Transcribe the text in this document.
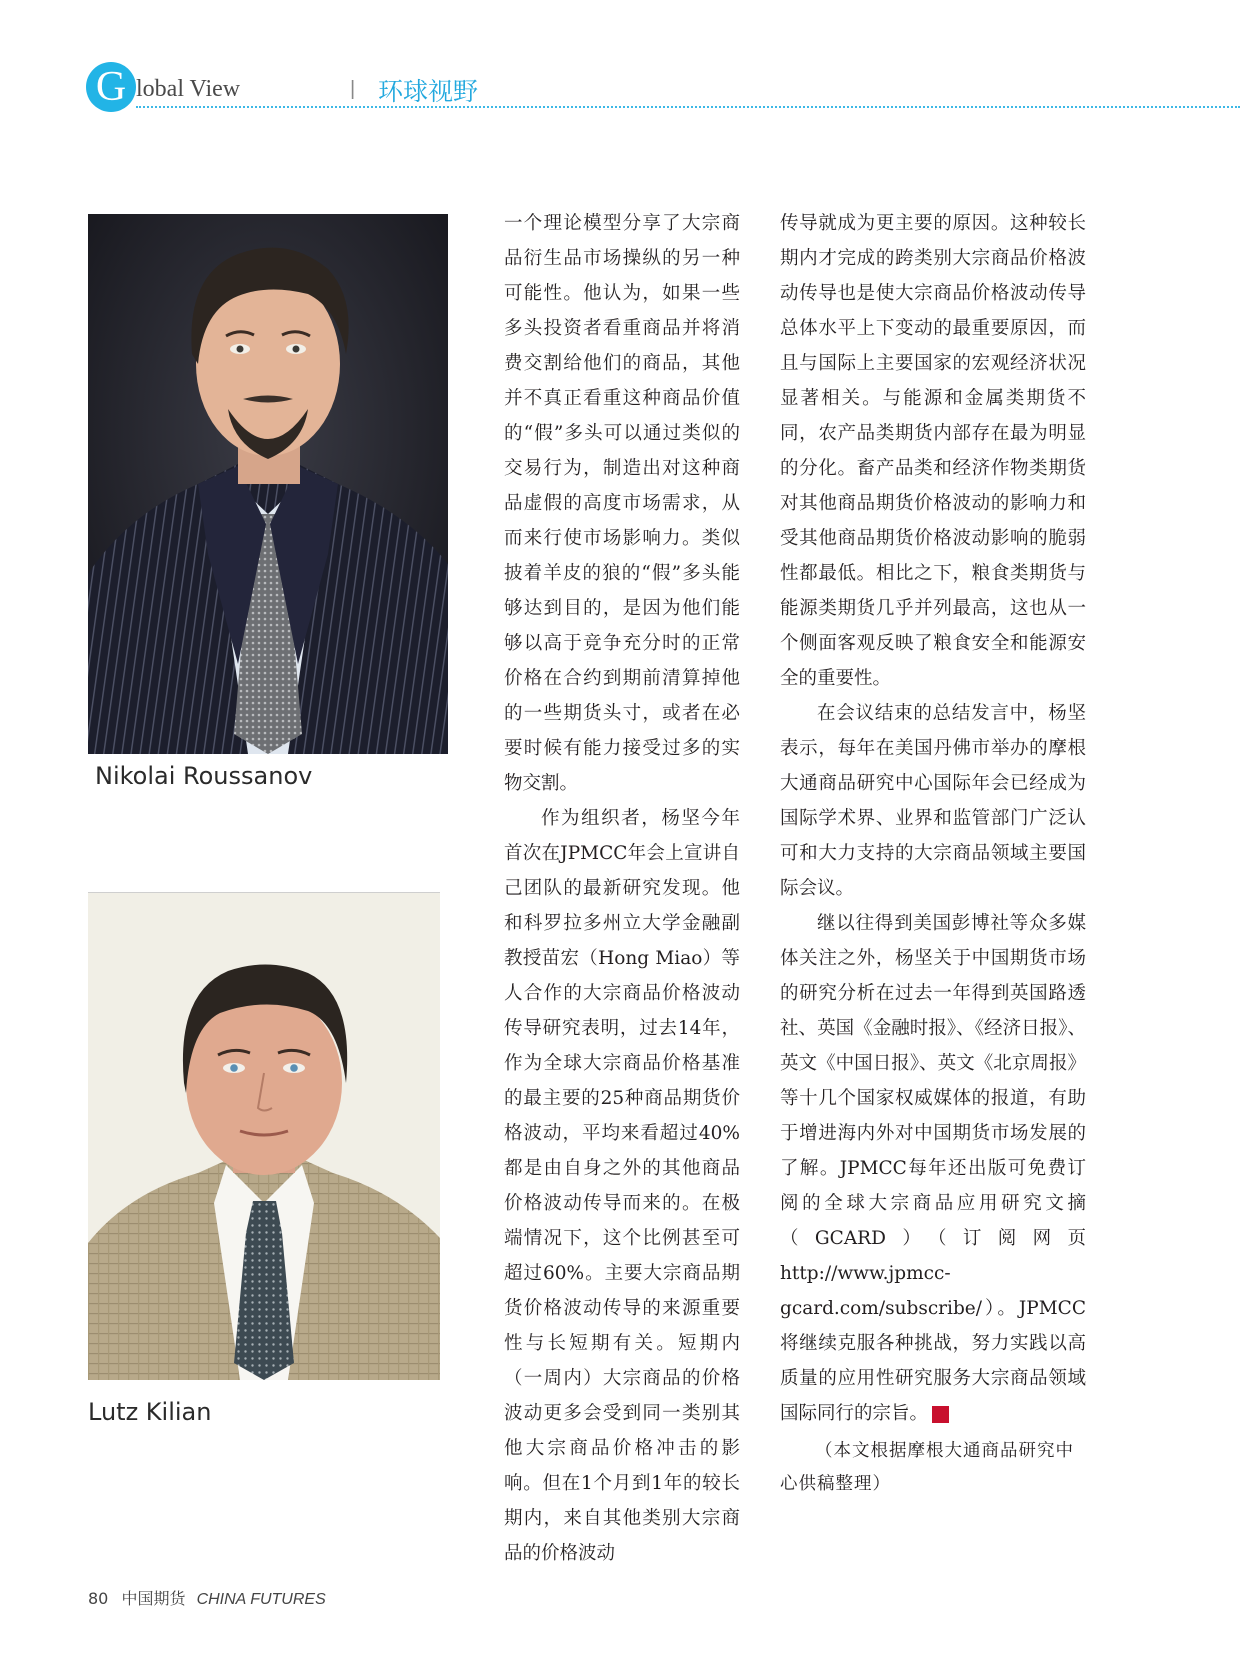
G lobal View	| 环球视野
Nikolai Roussanov
Lutz Kilian

一个理论模型分享了大宗商品衍生品市场操纵的另一种可能性。他认为，如果一些多头投资者看重商品并将消费交割给他们的商品，其他并不真正看重这种商品价值的“假”多头可以通过类似的交易行为，制造出对这种商品虚假的高度市场需求，从而来行使市场影响力。类似披着羊皮的狼的“假”多头能够达到目的，是因为他们能够以高于竞争充分时的正常价格在合约到期前清算掉他的一些期货头寸，或者在必要时候有能力接受过多的实物交割。

作为组织者，杨坚今年首次在JPMCC年会上宣讲自己团队的最新研究发现。他和科罗拉多州立大学金融副教授苗宏（Hong Miao）等人合作的大宗商品价格波动传导研究表明，过去14年，作为全球大宗商品价格基准的最主要的25种商品期货价格波动，平均来看超过40%都是由自身之外的其他商品价格波动传导而来的。在极端情况下，这个比例甚至可超过60%。主要大宗商品期货价格波动传导的来源重要性与长短期有关。短期内（一周内）大宗商品的价格波动更多会受到同一类别其他大宗商品价格冲击的影响。但在1个月到1年的较长期内，来自其他类别大宗商品的价格波动

传导就成为更主要的原因。这种较长期内才完成的跨类别大宗商品价格波动传导也是使大宗商品价格波动传导总体水平上下变动的最重要原因，而且与国际上主要国家的宏观经济状况显著相关。与能源和金属类期货不同，农产品类期货内部存在最为明显的分化。畜产品类和经济作物类期货对其他商品期货价格波动的影响力和受其他商品期货价格波动影响的脆弱性都最低。相比之下，粮食类期货与能源类期货几乎并列最高，这也从一个侧面客观反映了粮食安全和能源安全的重要性。

在会议结束的总结发言中，杨坚表示，每年在美国丹佛市举办的摩根大通商品研究中心国际年会已经成为国际学术界、业界和监管部门广泛认可和大力支持的大宗商品领域主要国际会议。

继以往得到美国彭博社等众多媒体关注之外，杨坚关于中国期货市场的研究分析在过去一年得到英国路透社、英国《金融时报》、《经济日报》、英文《中国日报》、英文《北京周报》等十几个国家权威媒体的报道，有助于增进海内外对中国期货市场发展的了解。JPMCC每年还出版可免费订阅的全球大宗商品应用研究文摘（GCARD）（订阅网页 http://www.jpmcc-gcard.com/subscribe/）。JPMCC将继续克服各种挑战，努力实践以高质量的应用性研究服务大宗商品领域国际同行的宗旨。	田

（本文根据摩根大通商品研究中
心供稿整理）
80 中国期货 CHINA FUTURES
